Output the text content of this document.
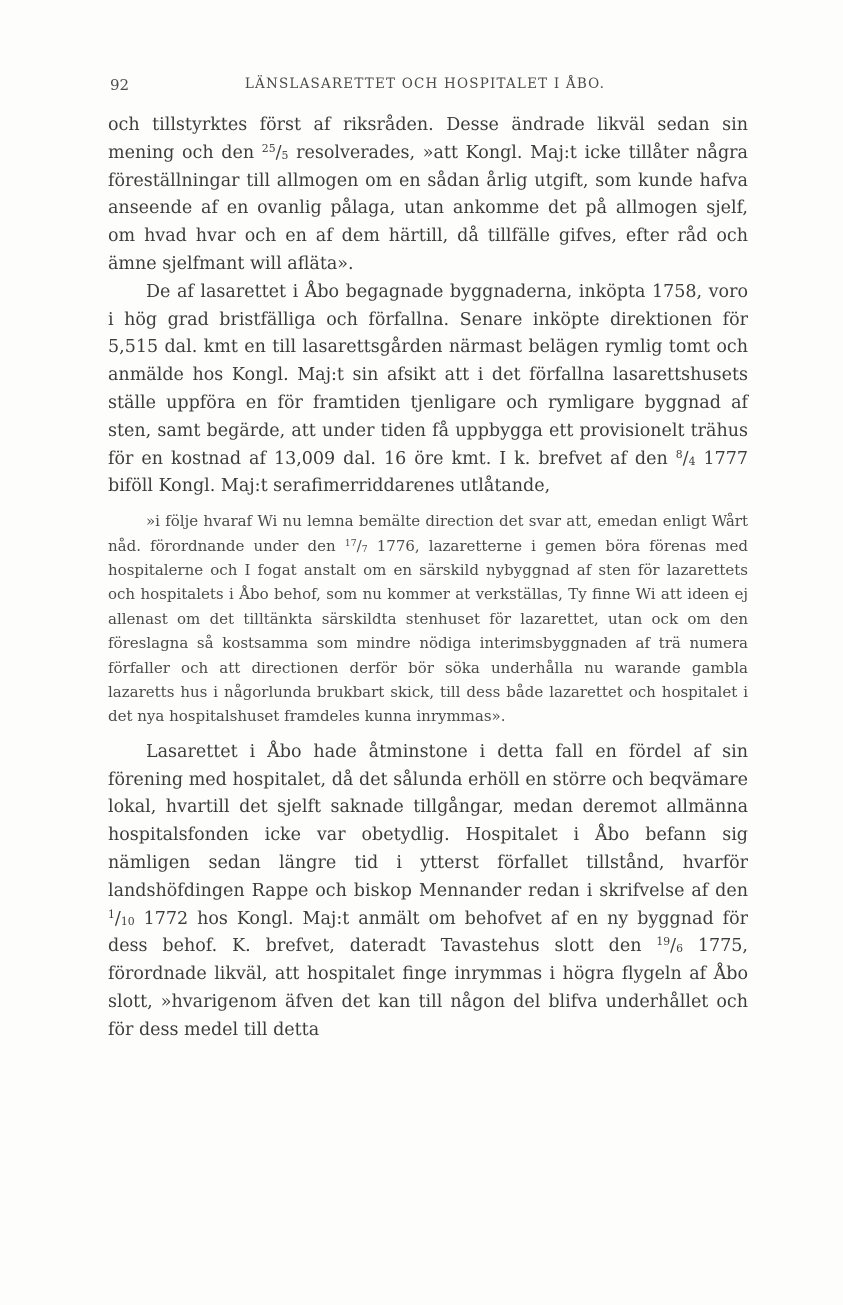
92	LÄNSLASARETTET OCH HOSPITALET I ÅBO.

och tillstyrktes först af riksråden. Desse ändrade likväl sedan sin mening och den $^{25}/_5$ resolverades, »att Kongl. Maj:t icke tillåter några föreställningar till allmogen om en sådan årlig utgift, som kunde hafva anseende af en ovanlig pålaga, utan ankomme det på allmogen sjelf, om hvad hvar och en af dem härtill, då tillfälle gifves, efter råd och ämne sjelfmant will afläta».

De af lasarettet i Åbo begagnade byggnaderna, inköpta 1758, voro i hög grad bristfälliga och förfallna. Senare inköpte direktionen för 5,515 dal. kmt en till lasarettsgården närmast belägen rymlig tomt och anmälde hos Kongl. Maj:t sin afsikt att i det förfallna lasarettshusets ställe uppföra en för framtiden tjenligare och rymligare byggnad af sten, samt begärde, att under tiden få uppbygga ett provisionelt trähus för en kostnad af 13,009 dal. 16 öre kmt. I k. brefvet af den $^8/_4$ 1777 biföll Kongl. Maj:t serafimerriddarenes utlåtande,

»i följe hvaraf Wi nu lemna bemälte direction det svar att, emedan enligt Wårt nåd. förordnande under den $^{17}/_7$ 1776, lazaretterne i gemen böra förenas med hospitalerne och I fogat anstalt om en särskild nybyggnad af sten för lazarettets och hospitalets i Åbo behof, som nu kommer at verkställas, Ty finne Wi att ideen ej allenast om det tilltänkta särskildta stenhuset för lazarettet, utan ock om den föreslagna så kostsamma som mindre nödiga interimsbyggnaden af trä numera förfaller och att directionen derför bör söka underhålla nu warande gambla lazaretts hus i någorlunda brukbart skick, till dess både lazarettet och hospitalet i det nya hospitalshuset framdeles kunna inrymmas».

Lasarettet i Åbo hade åtminstone i detta fall en fördel af sin förening med hospitalet, då det sålunda erhöll en större och beqvämare lokal, hvartill det sjelft saknade tillgångar, medan deremot allmänna hospitalsfonden icke var obetydlig. Hospitalet i Åbo befann sig nämligen sedan längre tid i ytterst förfallet tillstånd, hvarför landshöfdingen Rappe och biskop Mennander redan i skrifvelse af den $^1/_{10}$ 1772 hos Kongl. Maj:t anmält om behofvet af en ny byggnad för dess behof. K. brefvet, dateradt Tavastehus slott den $^{19}/_6$ 1775, förordnade likväl, att hospitalet finge inrymmas i högra flygeln af Åbo slott, »hvarigenom äfven det kan till någon del blifva underhållet och för dess medel till detta
